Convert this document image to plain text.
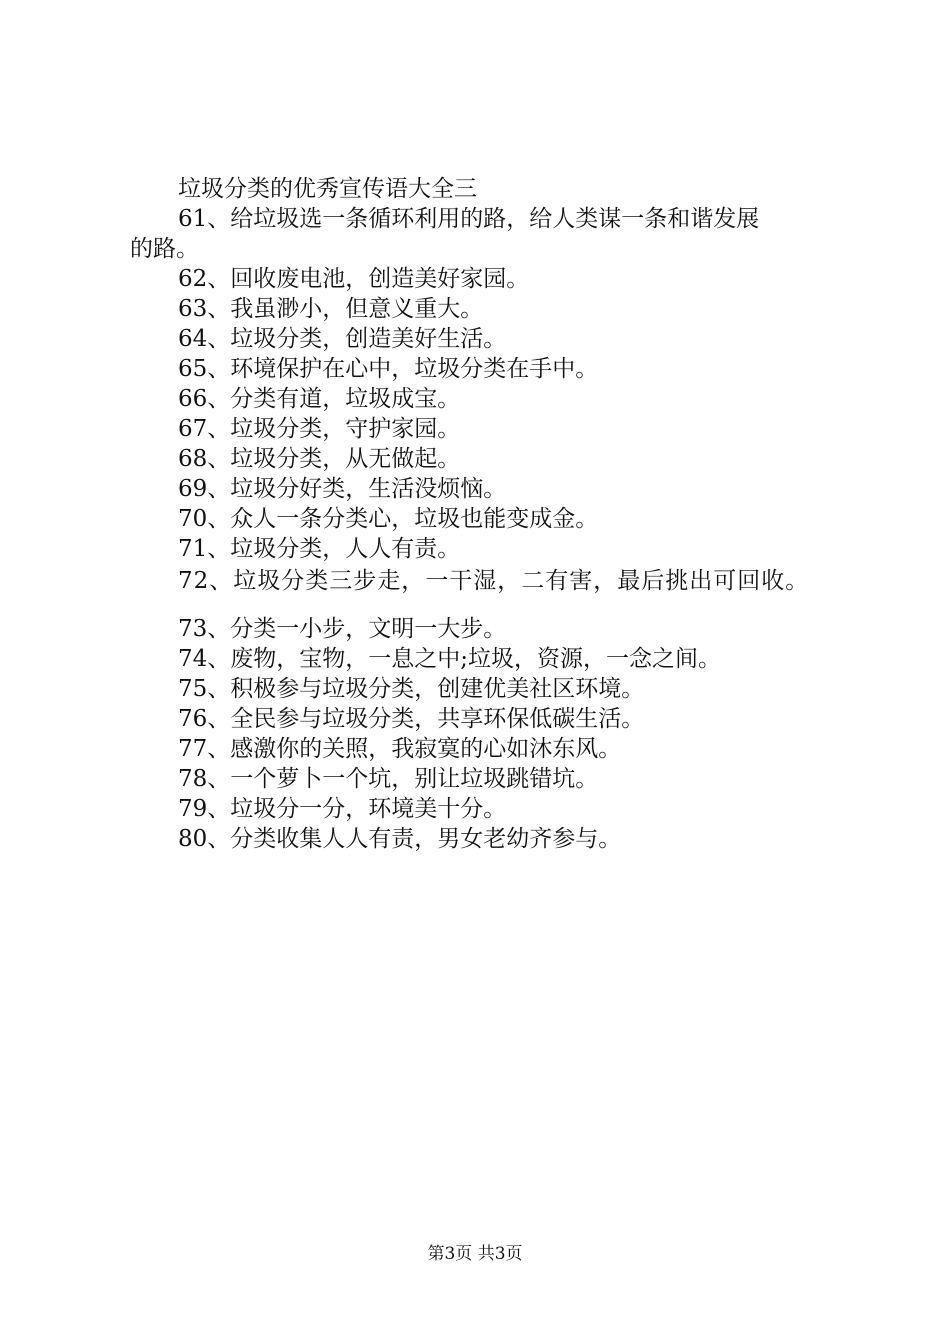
垃圾分类的优秀宣传语大全三
61、给垃圾选一条循环利用的路，给人类谋一条和谐发展
的路。
62、回收废电池，创造美好家园。
63、我虽渺小，但意义重大。
64、垃圾分类，创造美好生活。
65、环境保护在心中，垃圾分类在手中。
66、分类有道，垃圾成宝。
67、垃圾分类，守护家园。
68、垃圾分类，从无做起。
69、垃圾分好类，生活没烦恼。
70、众人一条分类心，垃圾也能变成金。
71、垃圾分类，人人有责。
72、垃圾分类三步走，一干湿，二有害，最后挑出可回收。
73、分类一小步，文明一大步。
74、废物，宝物，一息之中;垃圾，资源，一念之间。
75、积极参与垃圾分类，创建优美社区环境。
76、全民参与垃圾分类，共享环保低碳生活。
77、感激你的关照，我寂寞的心如沐东风。
78、一个萝卜一个坑，别让垃圾跳错坑。
79、垃圾分一分，环境美十分。
80、分类收集人人有责，男女老幼齐参与。
第3页 共3页
